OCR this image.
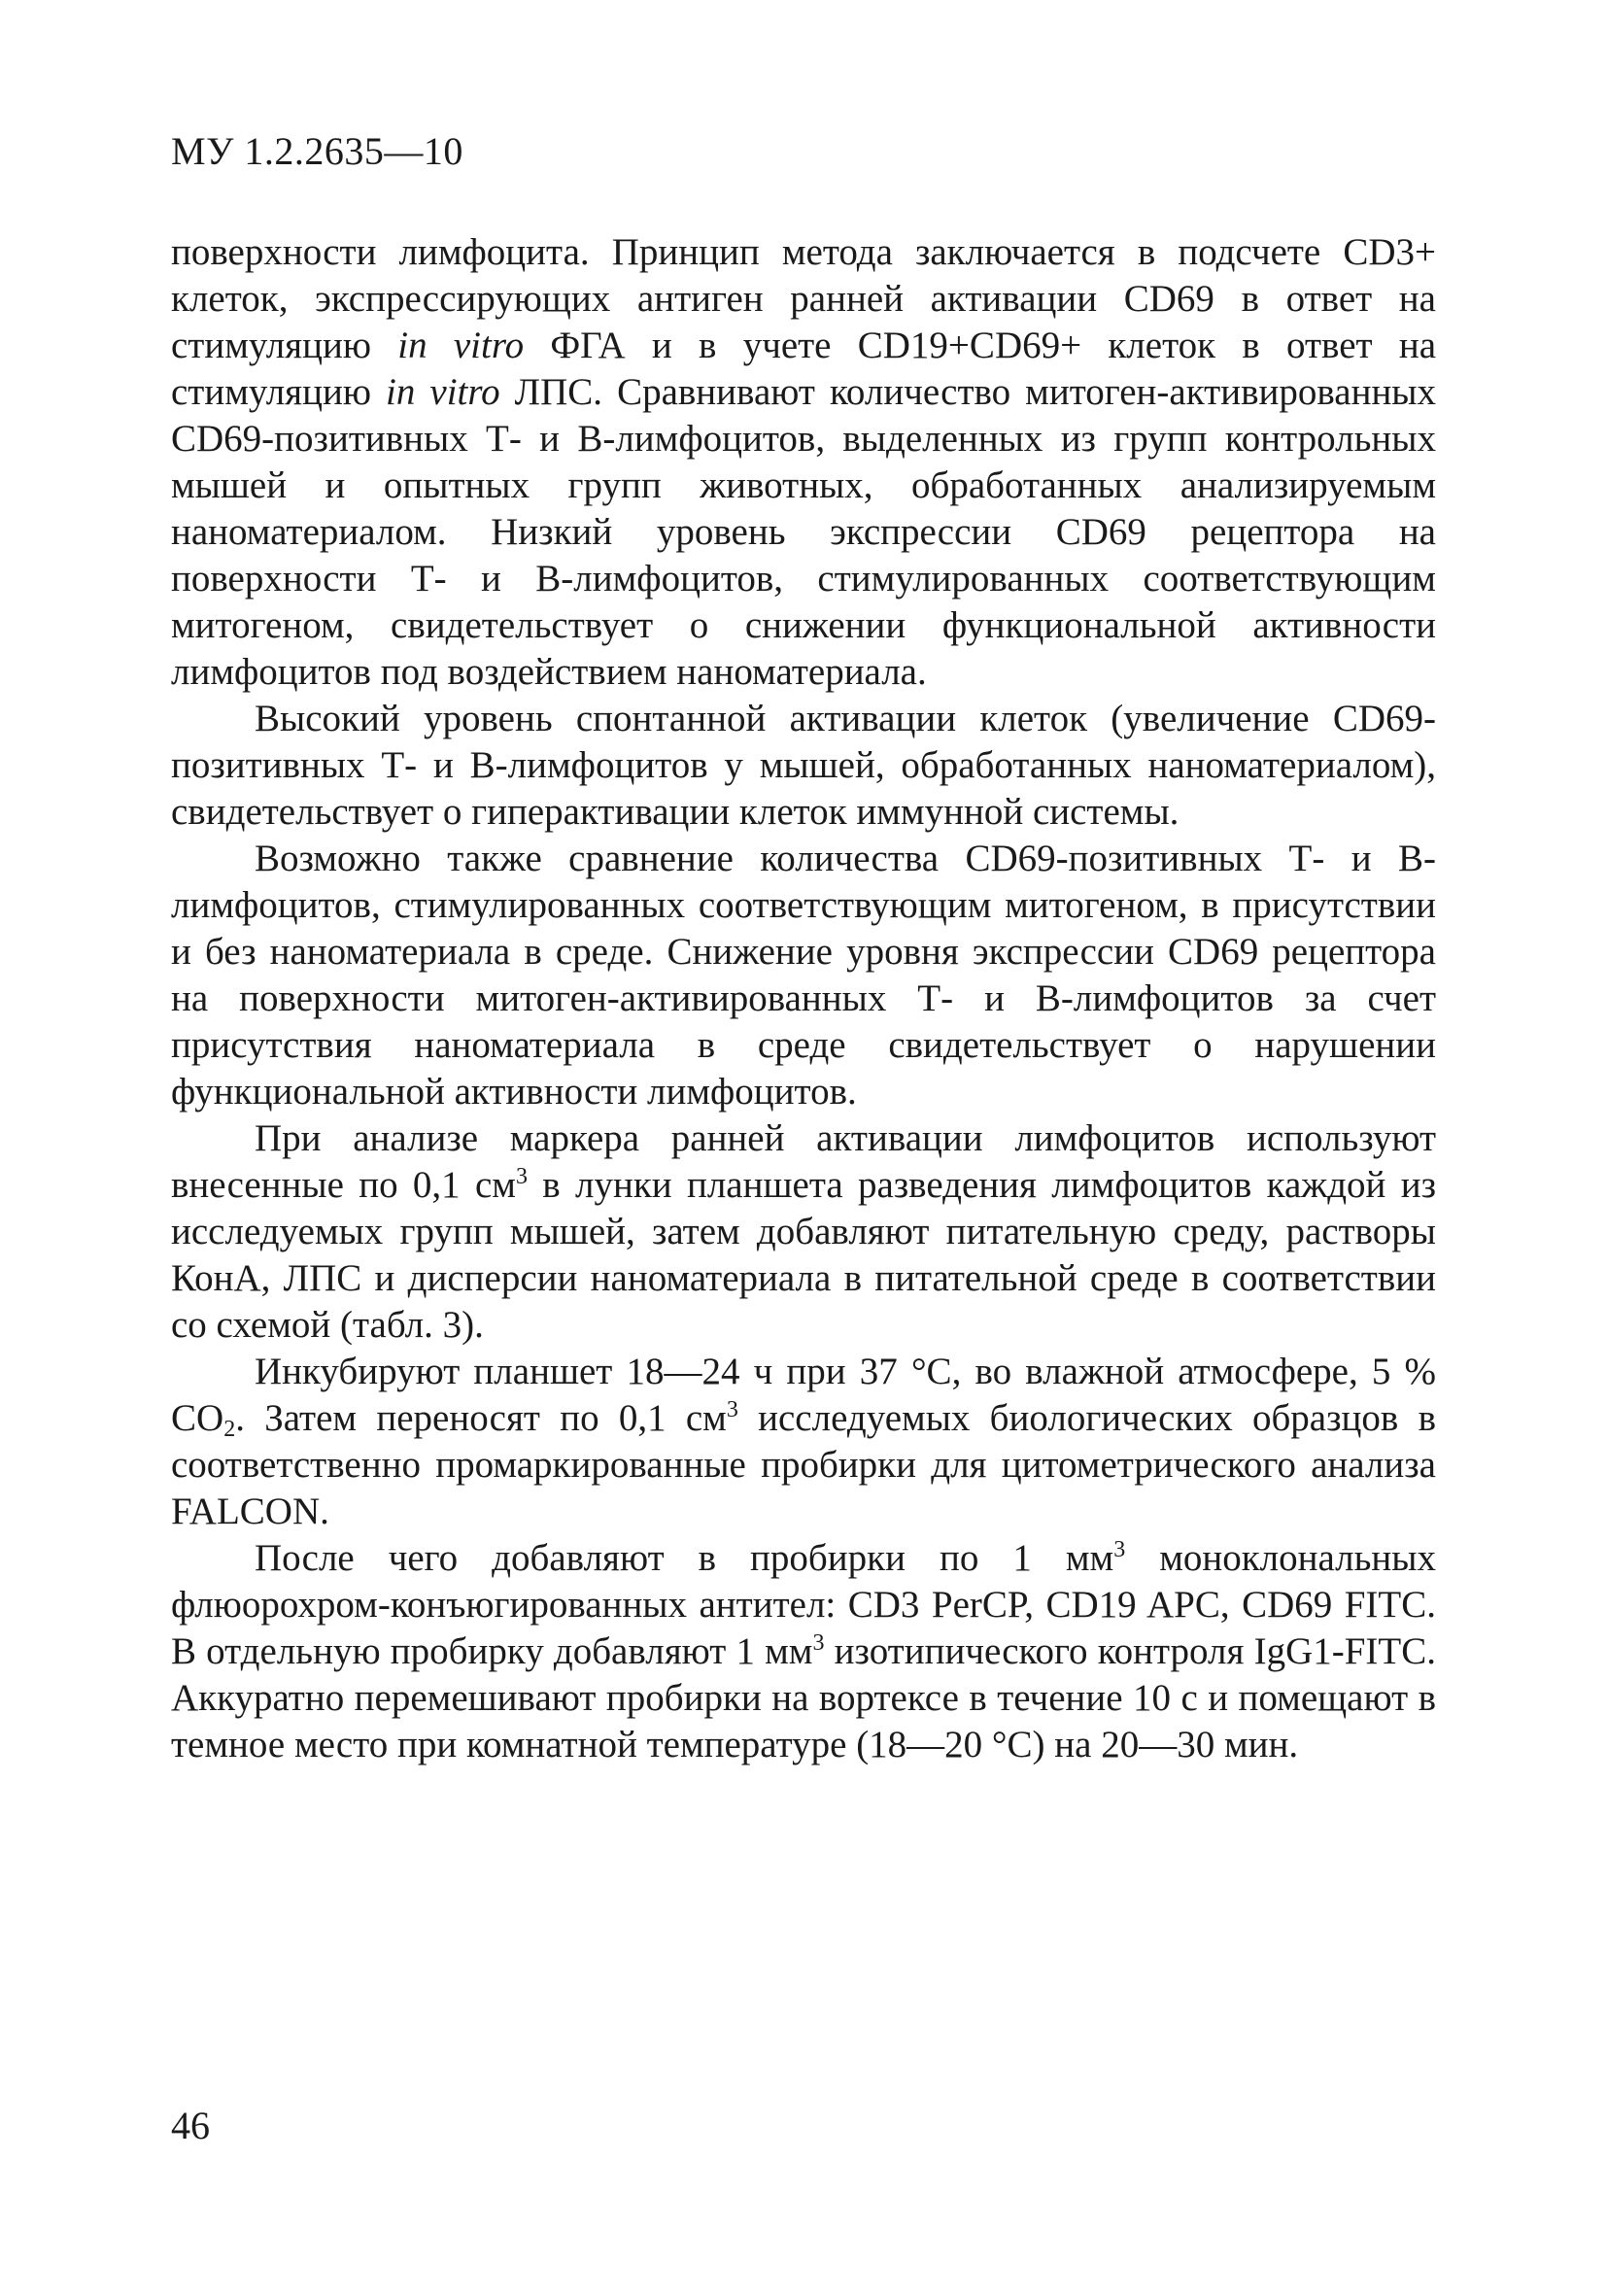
МУ 1.2.2635—10

поверхности лимфоцита. Принцип метода заключается в подсчете CD3+ клеток, экспрессирующих антиген ранней активации CD69 в ответ на стимуляцию in vitro ФГА и в учете CD19+CD69+ клеток в ответ на стимуляцию in vitro ЛПС. Сравнивают количество митоген-активированных CD69-позитивных Т- и В-лимфоцитов, выделенных из групп контрольных мышей и опытных групп животных, обработанных анализируемым наноматериалом. Низкий уровень экспрессии CD69 рецептора на поверхности Т- и В-лимфоцитов, стимулированных соответствующим митогеном, свидетельствует о снижении функциональной активности лимфоцитов под воздействием наноматериала.

Высокий уровень спонтанной активации клеток (увеличение CD69-позитивных Т- и В-лимфоцитов у мышей, обработанных наноматериалом), свидетельствует о гиперактивации клеток иммунной системы.

Возможно также сравнение количества CD69-позитивных Т- и В-лимфоцитов, стимулированных соответствующим митогеном, в присутствии и без наноматериала в среде. Снижение уровня экспрессии CD69 рецептора на поверхности митоген-активированных Т- и В-лимфоцитов за счет присутствия наноматериала в среде свидетельствует о нарушении функциональной активности лимфоцитов.

При анализе маркера ранней активации лимфоцитов используют внесенные по 0,1 $см^3$ в лунки планшета разведения лимфоцитов каждой из исследуемых групп мышей, затем добавляют питательную среду, растворы КонА, ЛПС и дисперсии наноматериала в питательной среде в соответствии со схемой (табл. 3).

Инкубируют планшет 18—24 ч при 37 °С, во влажной атмосфере, 5 % $СО_2$. Затем переносят по 0,1 $см^3$ исследуемых биологических образцов в соответственно промаркированные пробирки для цитометрического анализа FALCON.

После чего добавляют в пробирки по 1 $мм^3$ моноклональных флюорохром-конъюгированных антител: CD3 PerCP, CD19 APC, CD69 FITC. В отдельную пробирку добавляют 1 $мм^3$ изотипического контроля IgG1-FITC. Аккуратно перемешивают пробирки на вортексе в течение 10 с и помещают в темное место при комнатной температуре (18—20 °С) на 20—30 мин.

46
